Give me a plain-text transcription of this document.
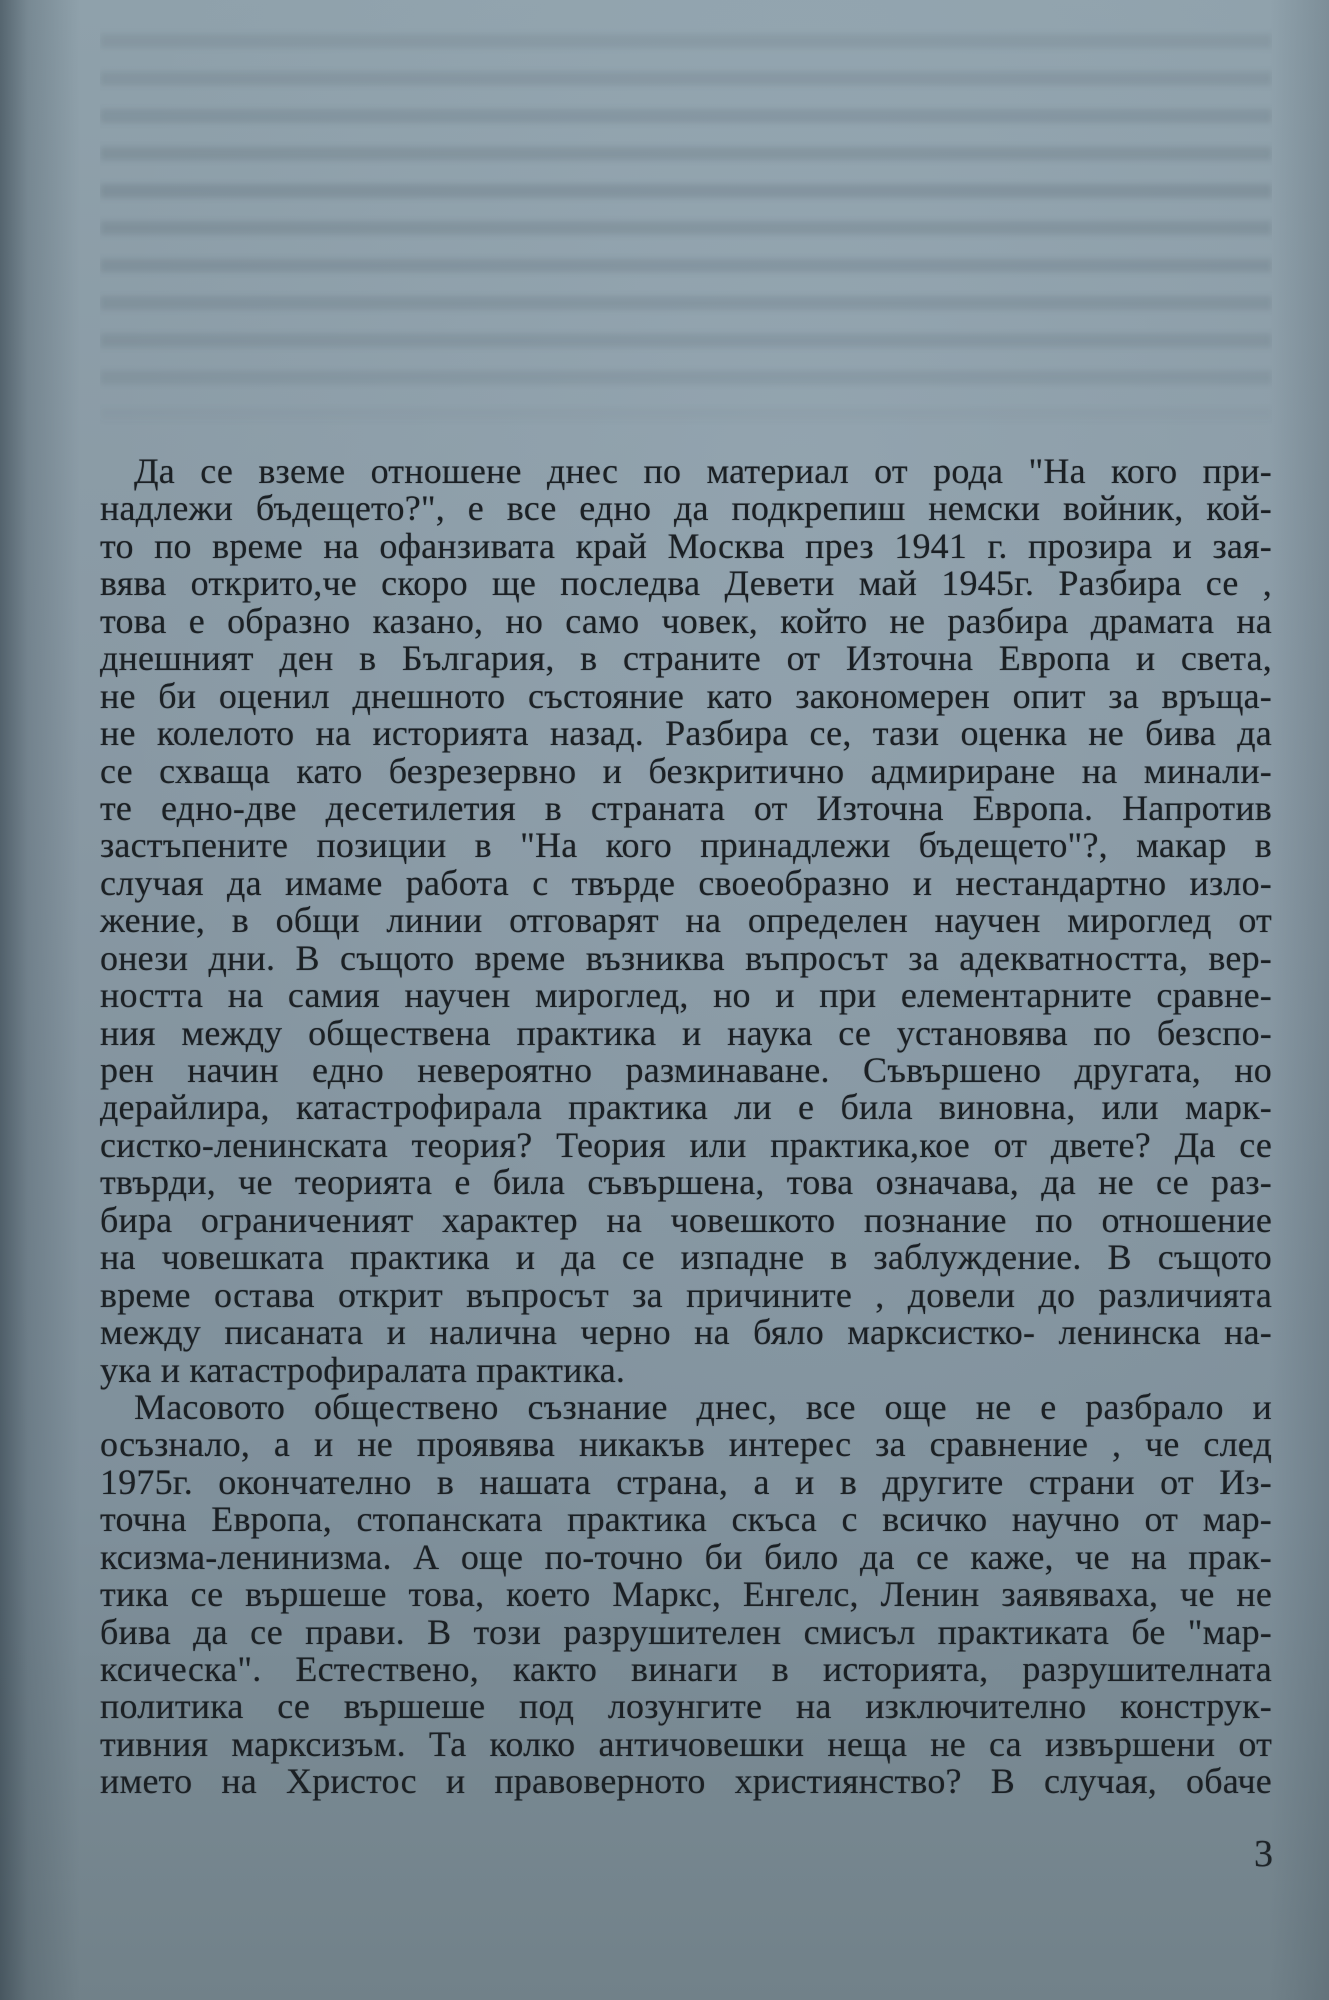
Да се вземе отношене днес по материал от рода "На кого при-
надлежи бъдещето?", е все едно да подкрепиш немски войник, кой-
то по време на офанзивата край Москва през 1941 г. прозира и зая-
вява открито,че скоро ще последва Девети май 1945г. Разбира се ,
това е образно казано, но само човек, който не разбира драмата на
днешният ден в България, в страните от Източна Европа и света,
не би оценил днешното състояние като закономерен опит за връща-
не колелото на историята назад. Разбира се, тази оценка не бива да
се схваща като безрезервно и безкритично адмириране на минали-
те едно-две десетилетия в страната от Източна Европа. Напротив
застъпените позиции в "На кого принадлежи бъдещето"?, макар в
случая да имаме работа с твърде своеобразно и нестандартно изло-
жение, в общи линии отговарят на определен научен мироглед от
онези дни. В същото време възниква въпросът за адекватността, вер-
ността на самия научен мироглед, но и при елементарните сравне-
ния между обществена практика и наука се установява по безспо-
рен начин едно невероятно разминаване. Съвършено другата, но
дерайлира, катастрофирала практика ли е била виновна, или марк-
систко-ленинската теория? Теория или практика,кое от двете? Да се
твърди, че теорията е била съвършена, това означава, да не се раз-
бира ограниченият характер на човешкото познание по отношение
на човешката практика и да се изпадне в заблуждение. В същото
време остава открит въпросът за причините , довели до различията
между писаната и налична черно на бяло марксистко- ленинска на-
ука и катастрофиралата практика.
Масовото обществено съзнание днес, все още не е разбрало и
осъзнало, а и не проявява никакъв интерес за сравнение , че след
1975г. окончателно в нашата страна, а и в другите страни от Из-
точна Европа, стопанската практика скъса с всичко научно от мар-
ксизма-ленинизма. А още по-точно би било да се каже, че на прак-
тика се вършеше това, което Маркс, Енгелс, Ленин заявяваха, че не
бива да се прави. В този разрушителен смисъл практиката бе "мар-
ксическа". Естествено, както винаги в историята, разрушителната
политика се вършеше под лозунгите на изключително конструк-
тивния марксизъм. Та колко античовешки неща не са извършени от
името на Христос и правоверното християнство? В случая, обаче
3
